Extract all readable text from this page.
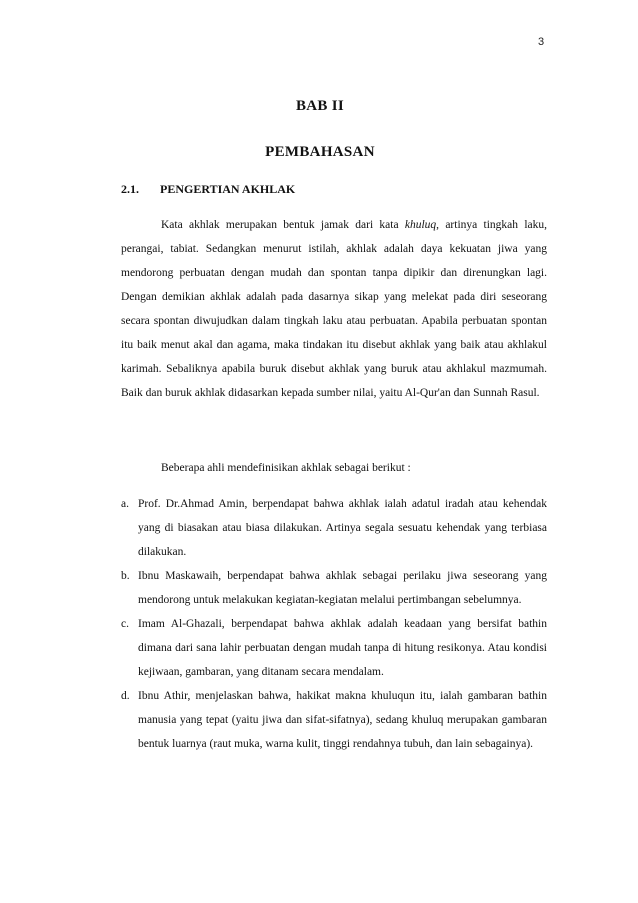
3
BAB II
PEMBAHASAN
2.1.	PENGERTIAN AKHLAK

Kata akhlak merupakan bentuk jamak dari kata khuluq, artinya tingkah laku, perangai, tabiat. Sedangkan menurut istilah, akhlak adalah daya kekuatan jiwa yang mendorong perbuatan dengan mudah dan spontan tanpa dipikir dan direnungkan lagi. Dengan demikian akhlak adalah pada dasarnya sikap yang melekat pada diri seseorang secara spontan diwujudkan dalam tingkah laku atau perbuatan. Apabila perbuatan spontan itu baik menut akal dan agama, maka tindakan itu disebut akhlak yang baik atau akhlakul karimah. Sebaliknya apabila buruk disebut akhlak yang buruk atau akhlakul mazmumah. Baik dan buruk akhlak didasarkan kepada sumber nilai, yaitu Al-Qur'an dan Sunnah Rasul.

Beberapa ahli mendefinisikan akhlak sebagai berikut :

a. Prof. Dr.Ahmad Amin, berpendapat bahwa akhlak ialah adatul iradah atau kehendak yang di biasakan atau biasa dilakukan. Artinya segala sesuatu kehendak yang terbiasa dilakukan.
b. Ibnu Maskawaih, berpendapat bahwa akhlak sebagai perilaku jiwa seseorang yang mendorong untuk melakukan kegiatan-kegiatan melalui pertimbangan sebelumnya.
c. Imam Al-Ghazali, berpendapat bahwa akhlak adalah keadaan yang bersifat bathin dimana dari sana lahir perbuatan dengan mudah tanpa di hitung resikonya. Atau kondisi kejiwaan, gambaran, yang ditanam secara mendalam.
d. Ibnu Athir, menjelaskan bahwa, hakikat makna khuluqun itu, ialah gambaran bathin manusia yang tepat (yaitu jiwa dan sifat-sifatnya), sedang khuluq merupakan gambaran bentuk luarnya (raut muka, warna kulit, tinggi rendahnya tubuh, dan lain sebagainya).
